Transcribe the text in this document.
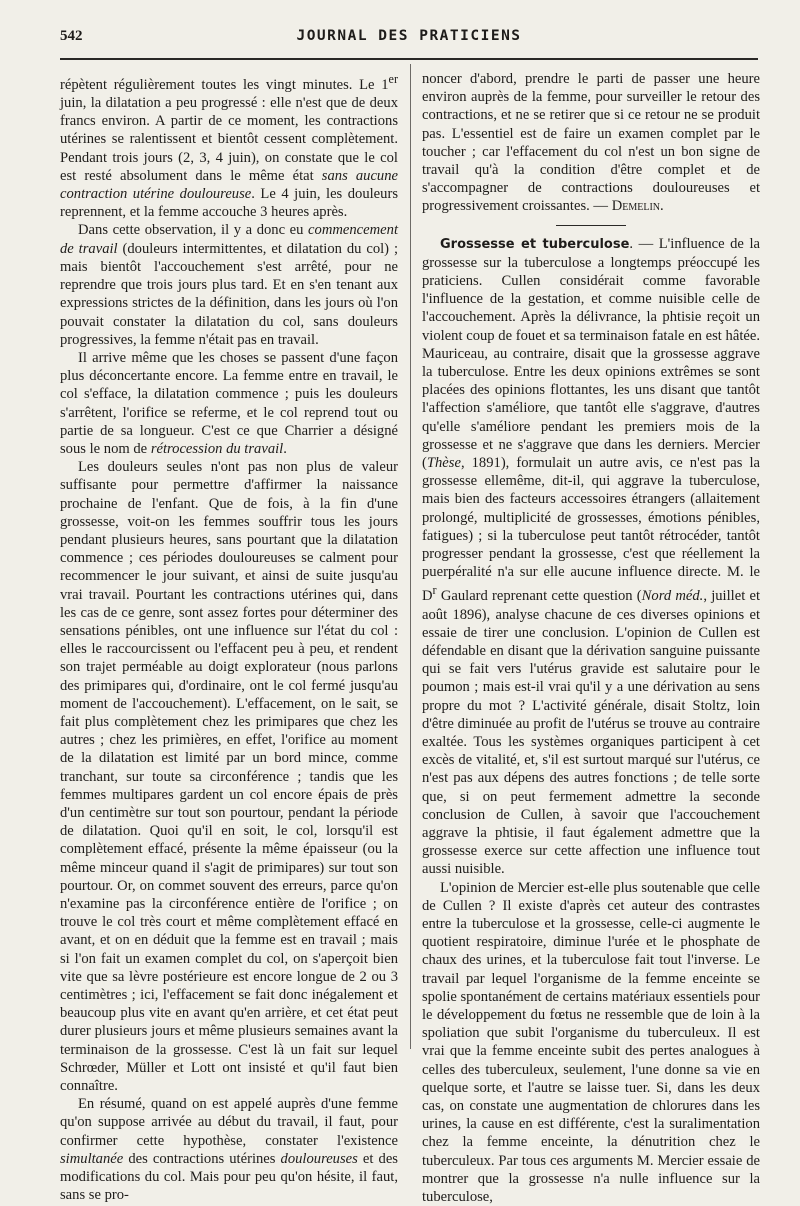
542	JOURNAL DES PRATICIENS

répètent régulièrement toutes les vingt minutes. Le 1er juin, la dilatation a peu progressé : elle n'est que de deux francs environ. A partir de ce moment, les contractions utérines se ralentissent et bientôt cessent complètement. Pendant trois jours (2, 3, 4 juin), on constate que le col est resté absolument dans le même état sans aucune contraction utérine douloureuse. Le 4 juin, les douleurs reprennent, et la femme accouche 3 heures après.

Dans cette observation, il y a donc eu commencement de travail (douleurs intermittentes, et dilatation du col) ; mais bientôt l'accouchement s'est arrêté, pour ne reprendre que trois jours plus tard. Et en s'en tenant aux expressions strictes de la définition, dans les jours où l'on pouvait constater la dilatation du col, sans douleurs progressives, la femme n'était pas en travail.

Il arrive même que les choses se passent d'une façon plus déconcertante encore. La femme entre en travail, le col s'efface, la dilatation commence ; puis les douleurs s'arrêtent, l'orifice se referme, et le col reprend tout ou partie de sa longueur. C'est ce que Charrier a désigné sous le nom de rétrocession du travail.

Les douleurs seules n'ont pas non plus de valeur suffisante pour permettre d'affirmer la naissance prochaine de l'enfant. Que de fois, à la fin d'une grossesse, voit-on les femmes souffrir tous les jours pendant plusieurs heures, sans pourtant que la dilatation commence ; ces périodes douloureuses se calment pour recommencer le jour suivant, et ainsi de suite jusqu'au vrai travail. Pourtant les contractions utérines qui, dans les cas de ce genre, sont assez fortes pour déterminer des sensations pénibles, ont une influence sur l'état du col : elles le raccourcissent ou l'effacent peu à peu, et rendent son trajet perméable au doigt explorateur (nous parlons des primipares qui, d'ordinaire, ont le col fermé jusqu'au moment de l'accouchement). L'effacement, on le sait, se fait plus complètement chez les primipares que chez les autres ; chez les primières, en effet, l'orifice au moment de la dilatation est limité par un bord mince, comme tranchant, sur toute sa circonférence ; tandis que les femmes multipares gardent un col encore épais de près d'un centimètre sur tout son pourtour, pendant la période de dilatation. Quoi qu'il en soit, le col, lorsqu'il est complètement effacé, présente la même épaisseur (ou la même minceur quand il s'agit de primipares) sur tout son pourtour. Or, on commet souvent des erreurs, parce qu'on n'examine pas la circonférence entière de l'orifice ; on trouve le col très court et même complètement effacé en avant, et on en déduit que la femme est en travail ; mais si l'on fait un examen complet du col, on s'aperçoit bien vite que sa lèvre postérieure est encore longue de 2 ou 3 centimètres ; ici, l'effacement se fait donc inégalement et beaucoup plus vite en avant qu'en arrière, et cet état peut durer plusieurs jours et même plusieurs semaines avant la terminaison de la grossesse. C'est là un fait sur lequel Schrœder, Müller et Lott ont insisté et qu'il faut bien connaître.

En résumé, quand on est appelé auprès d'une femme qu'on suppose arrivée au début du travail, il faut, pour confirmer cette hypothèse, constater l'existence simultanée des contractions utérines douloureuses et des modifications du col. Mais pour peu qu'on hésite, il faut, sans se pro-

noncer d'abord, prendre le parti de passer une heure environ auprès de la femme, pour surveiller le retour des contractions, et ne se retirer que si ce retour ne se produit pas. L'essentiel est de faire un examen complet par le toucher ; car l'effacement du col n'est un bon signe de travail qu'à la condition d'être complet et de s'accompagner de contractions douloureuses et progressivement croissantes. — Demelin.

Grossesse et tuberculose. — L'influence de la grossesse sur la tuberculose a longtemps préoccupé les praticiens. Cullen considérait comme favorable l'influence de la gestation, et comme nuisible celle de l'accouchement. Après la délivrance, la phtisie reçoit un violent coup de fouet et sa terminaison fatale en est hâtée. Mauriceau, au contraire, disait que la grossesse aggrave la tuberculose. Entre les deux opinions extrêmes se sont placées des opinions flottantes, les uns disant que tantôt l'affection s'améliore, que tantôt elle s'aggrave, d'autres qu'elle s'améliore pendant les premiers mois de la grossesse et ne s'aggrave que dans les derniers. Mercier (Thèse, 1891), formulait un autre avis, ce n'est pas la grossesse ellemême, dit-il, qui aggrave la tuberculose, mais bien des facteurs accessoires étrangers (allaitement prolongé, multiplicité de grossesses, émotions pénibles, fatigues) ; si la tuberculose peut tantôt rétrocéder, tantôt progresser pendant la grossesse, c'est que réellement la puerpéralité n'a sur elle aucune influence directe. M. le $D^r$ Gaulard reprenant cette question (Nord méd., juillet et août 1896), analyse chacune de ces diverses opinions et essaie de tirer une conclusion. L'opinion de Cullen est défendable en disant que la dérivation sanguine puissante qui se fait vers l'utérus gravide est salutaire pour le poumon ; mais est-il vrai qu'il y a une dérivation au sens propre du mot ? L'activité générale, disait Stoltz, loin d'être diminuée au profit de l'utérus se trouve au contraire exaltée. Tous les systèmes organiques participent à cet excès de vitalité, et, s'il est surtout marqué sur l'utérus, ce n'est pas aux dépens des autres fonctions ; de telle sorte que, si on peut fermement admettre la seconde conclusion de Cullen, à savoir que l'accouchement aggrave la phtisie, il faut également admettre que la grossesse exerce sur cette affection une influence tout aussi nuisible.

L'opinion de Mercier est-elle plus soutenable que celle de Cullen ? Il existe d'après cet auteur des contrastes entre la tuberculose et la grossesse, celle-ci augmente le quotient respiratoire, diminue l'urée et le phosphate de chaux des urines, et la tuberculose fait tout l'inverse. Le travail par lequel l'organisme de la femme enceinte se spolie spontanément de certains matériaux essentiels pour le développement du fœtus ne ressemble que de loin à la spoliation que subit l'organisme du tuberculeux. Il est vrai que la femme enceinte subit des pertes analogues à celles des tuberculeux, seulement, l'une donne sa vie en quelque sorte, et l'autre se laisse tuer. Si, dans les deux cas, on constate une augmentation de chlorures dans les urines, la cause en est différente, c'est la suralimentation chez la femme enceinte, la dénutrition chez le tuberculeux. Par tous ces arguments M. Mercier essaie de montrer que la grossesse n'a nulle influence sur la tuberculose,
